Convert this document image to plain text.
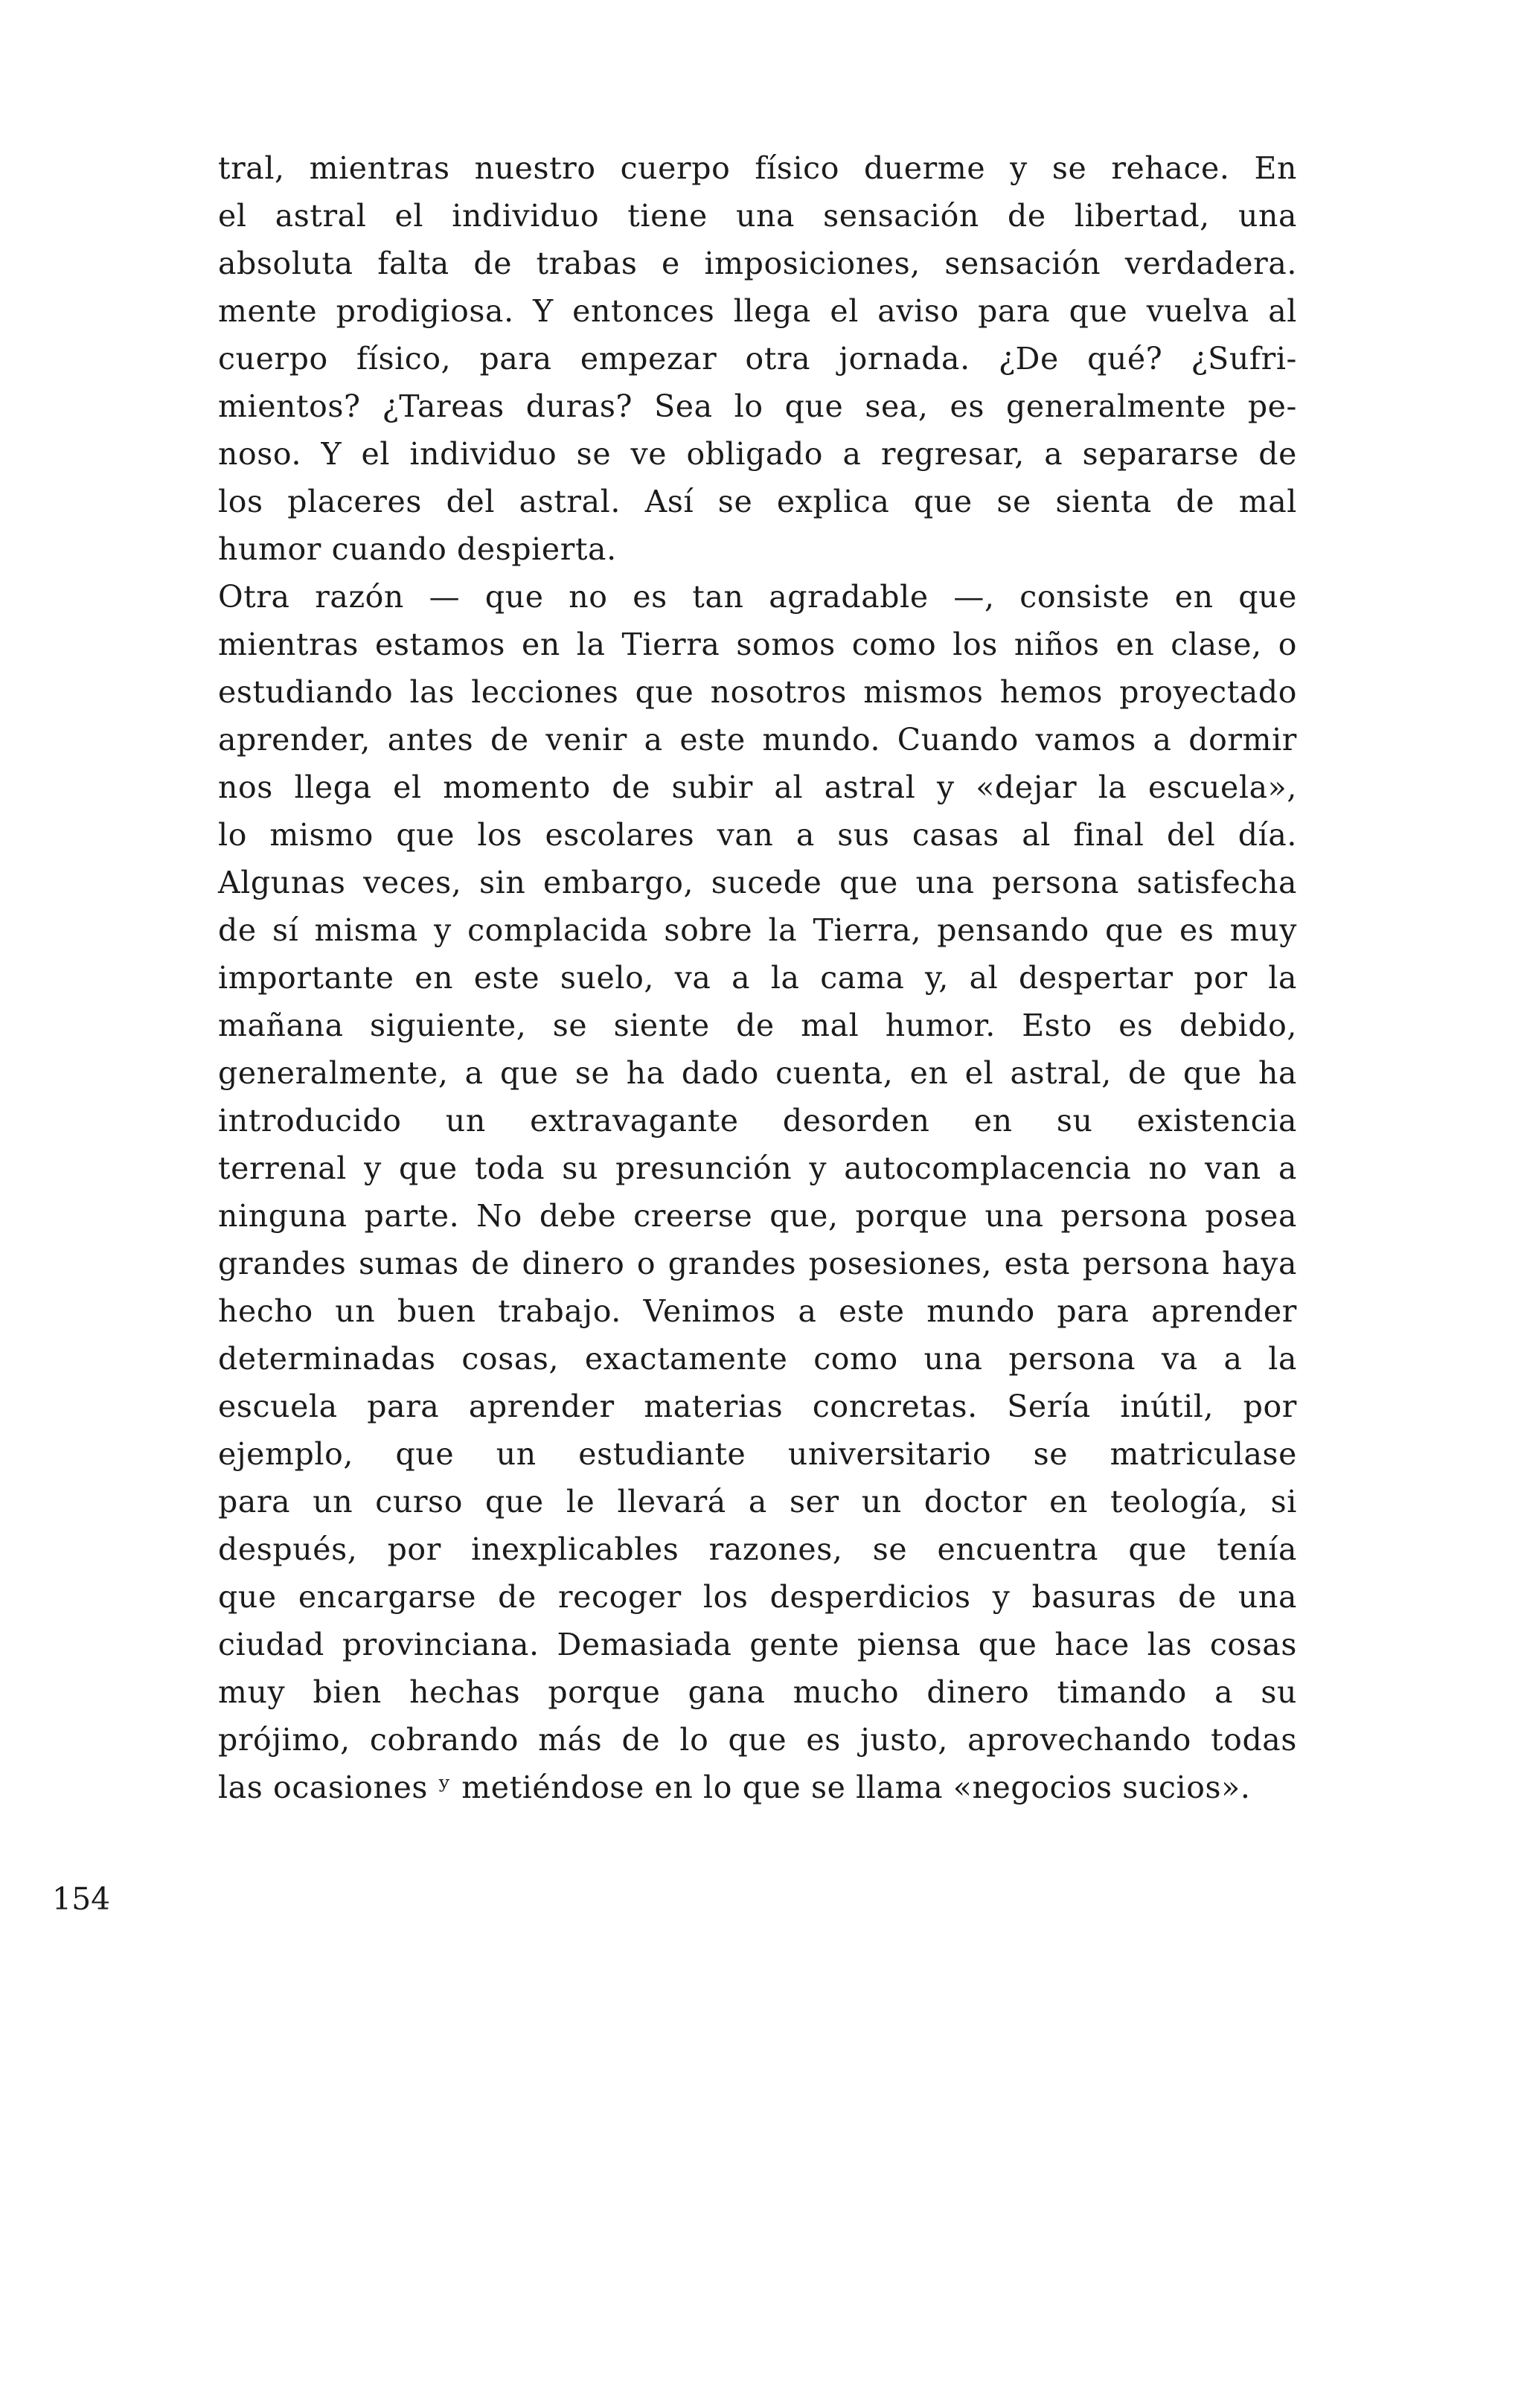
tral, mientras nuestro cuerpo físico duerme y se rehace. En
el astral el individuo tiene una sensación de libertad, una
absoluta falta de trabas e imposiciones, sensación verdadera.
mente prodigiosa. Y entonces llega el aviso para que vuelva al
cuerpo físico, para empezar otra jornada. ¿De qué? ¿Sufri-
mientos? ¿Tareas duras? Sea lo que sea, es generalmente pe-
noso. Y el individuo se ve obligado a regresar, a separarse de
los placeres del astral. Así se explica que se sienta de mal
humor cuando despierta.
Otra razón — que no es tan agradable —, consiste en que
mientras estamos en la Tierra somos como los niños en clase, o
estudiando las lecciones que nosotros mismos hemos proyectado
aprender, antes de venir a este mundo. Cuando vamos a dormir
nos llega el momento de subir al astral y «dejar la escuela»,
lo mismo que los escolares van a sus casas al final del día.
Algunas veces, sin embargo, sucede que una persona satisfecha
de sí misma y complacida sobre la Tierra, pensando que es muy
importante en este suelo, va a la cama y, al despertar por la
mañana siguiente, se siente de mal humor. Esto es debido,
generalmente, a que se ha dado cuenta, en el astral, de que ha
introducido un extravagante desorden en su existencia
terrenal y que toda su presunción y autocomplacencia no van a
ninguna parte. No debe creerse que, porque una persona posea
grandes sumas de dinero o grandes posesiones, esta persona haya
hecho un buen trabajo. Venimos a este mundo para aprender
determinadas cosas, exactamente como una persona va a la
escuela para aprender materias concretas. Sería inútil, por
ejemplo, que un estudiante universitario se matriculase
para un curso que le llevará a ser un doctor en teología, si
después, por inexplicables razones, se encuentra que tenía
que encargarse de recoger los desperdicios y basuras de una
ciudad provinciana. Demasiada gente piensa que hace las cosas
muy bien hechas porque gana mucho dinero timando a su
prójimo, cobrando más de lo que es justo, aprovechando todas
las ocasiones ʸ metiéndose en lo que se llama «negocios sucios».
154
